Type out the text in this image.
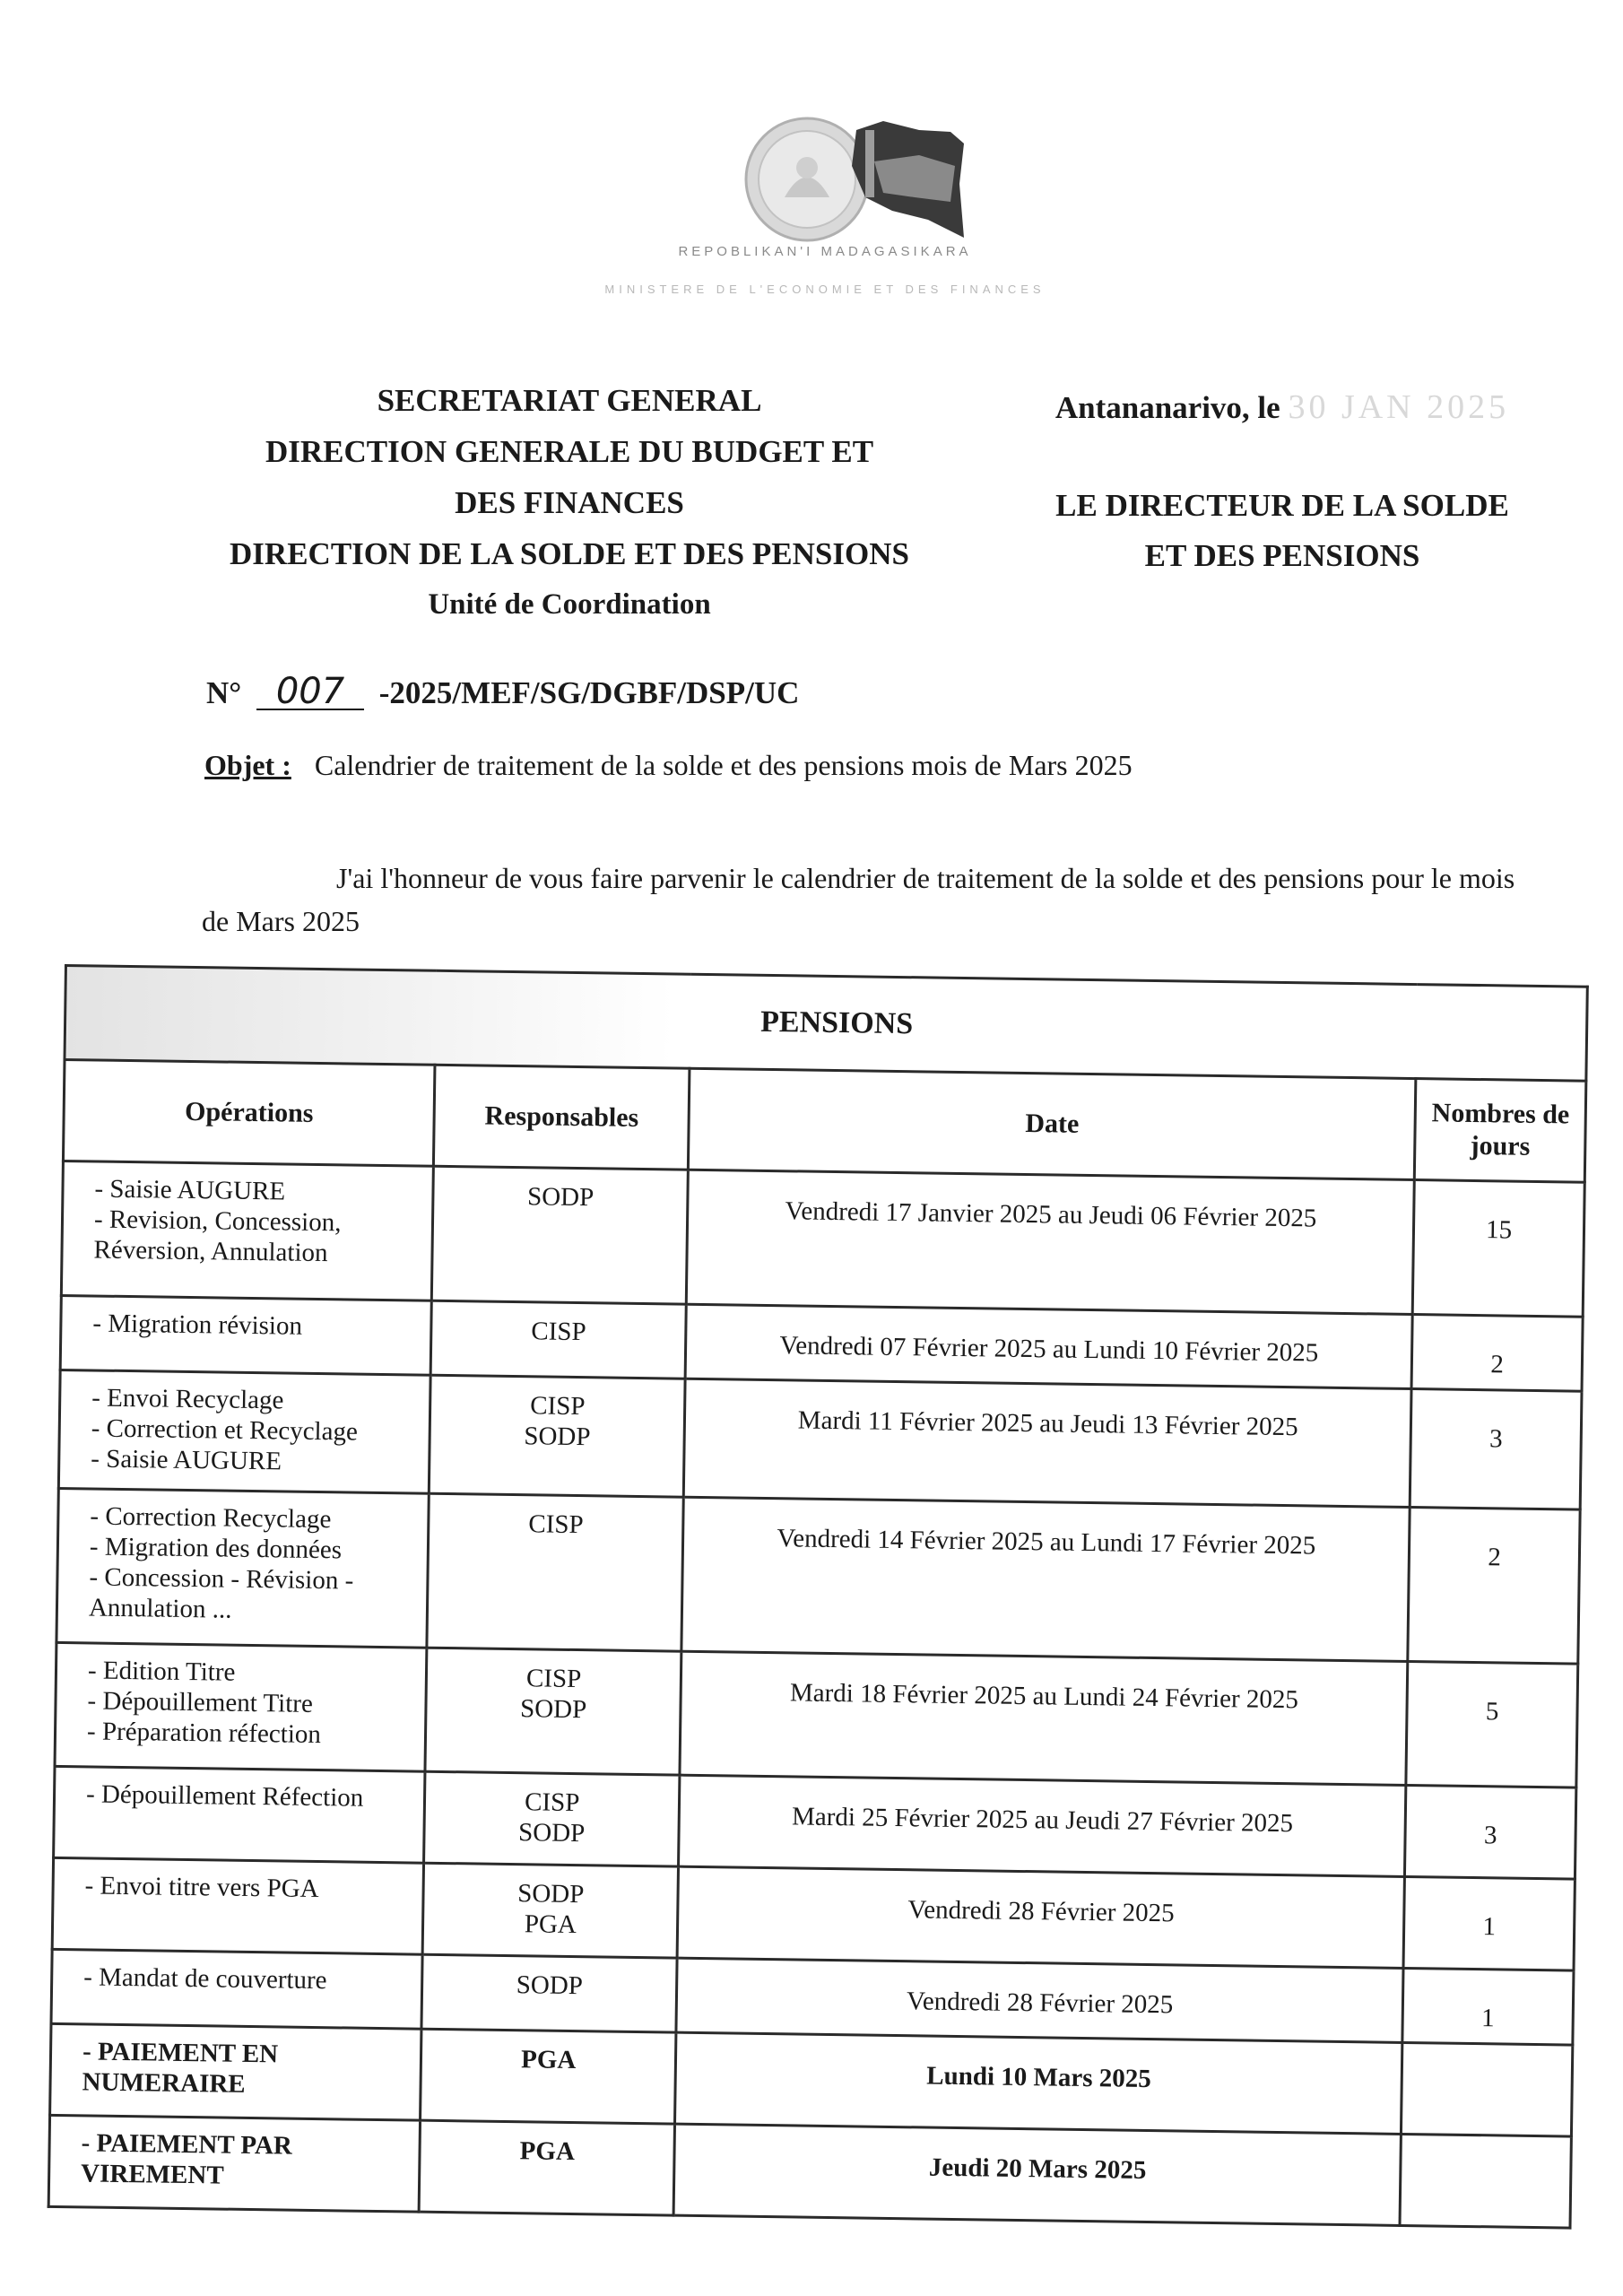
REPOBLIKAN'I MADAGASIKARA
MINISTERE DE L'ECONOMIE ET DES FINANCES
SECRETARIAT GENERAL
DIRECTION GENERALE DU BUDGET ET
DES FINANCES
DIRECTION DE LA SOLDE ET DES PENSIONS
Unité de Coordination
Antananarivo, le 30 JAN 2025
LE DIRECTEUR DE LA SOLDE
ET DES PENSIONS
N° 007 -2025/MEF/SG/DGBF/DSP/UC
Objet : Calendrier de traitement de la solde et des pensions mois de Mars 2025
J'ai l'honneur de vous faire parvenir le calendrier de traitement de la solde et des pensions pour le mois de Mars 2025
PENSIONS			
Opérations	Responsables	Date	Nombres de jours

- Saisie AUGURE
- Revision, Concession,
Réversion, Annulation	SODP	Vendredi 17 Janvier 2025 au Jeudi 06 Février 2025	15

- Migration révision	CISP	Vendredi 07 Février 2025 au Lundi 10 Février 2025	2

- Envoi Recyclage
- Correction et Recyclage
- Saisie AUGURE	CISP
SODP	Mardi 11 Février 2025 au Jeudi 13 Février 2025	3

- Correction Recyclage
- Migration des données
- Concession - Révision -
Annulation ...	CISP	Vendredi 14 Février 2025 au Lundi 17 Février 2025	2

- Edition Titre
- Dépouillement Titre
- Préparation réfection	CISP
SODP	Mardi 18 Février 2025 au Lundi 24 Février 2025	5

- Dépouillement Réfection	CISP
SODP	Mardi 25 Février 2025 au Jeudi 27 Février 2025	3

- Envoi titre vers PGA	SODP
PGA	Vendredi 28 Février 2025	1

- Mandat de couverture	SODP	Vendredi 28 Février 2025	1

- PAIEMENT EN
NUMERAIRE	PGA	Lundi 10 Mars 2025	

- PAIEMENT PAR
VIREMENT	PGA	Jeudi 20 Mars 2025	
